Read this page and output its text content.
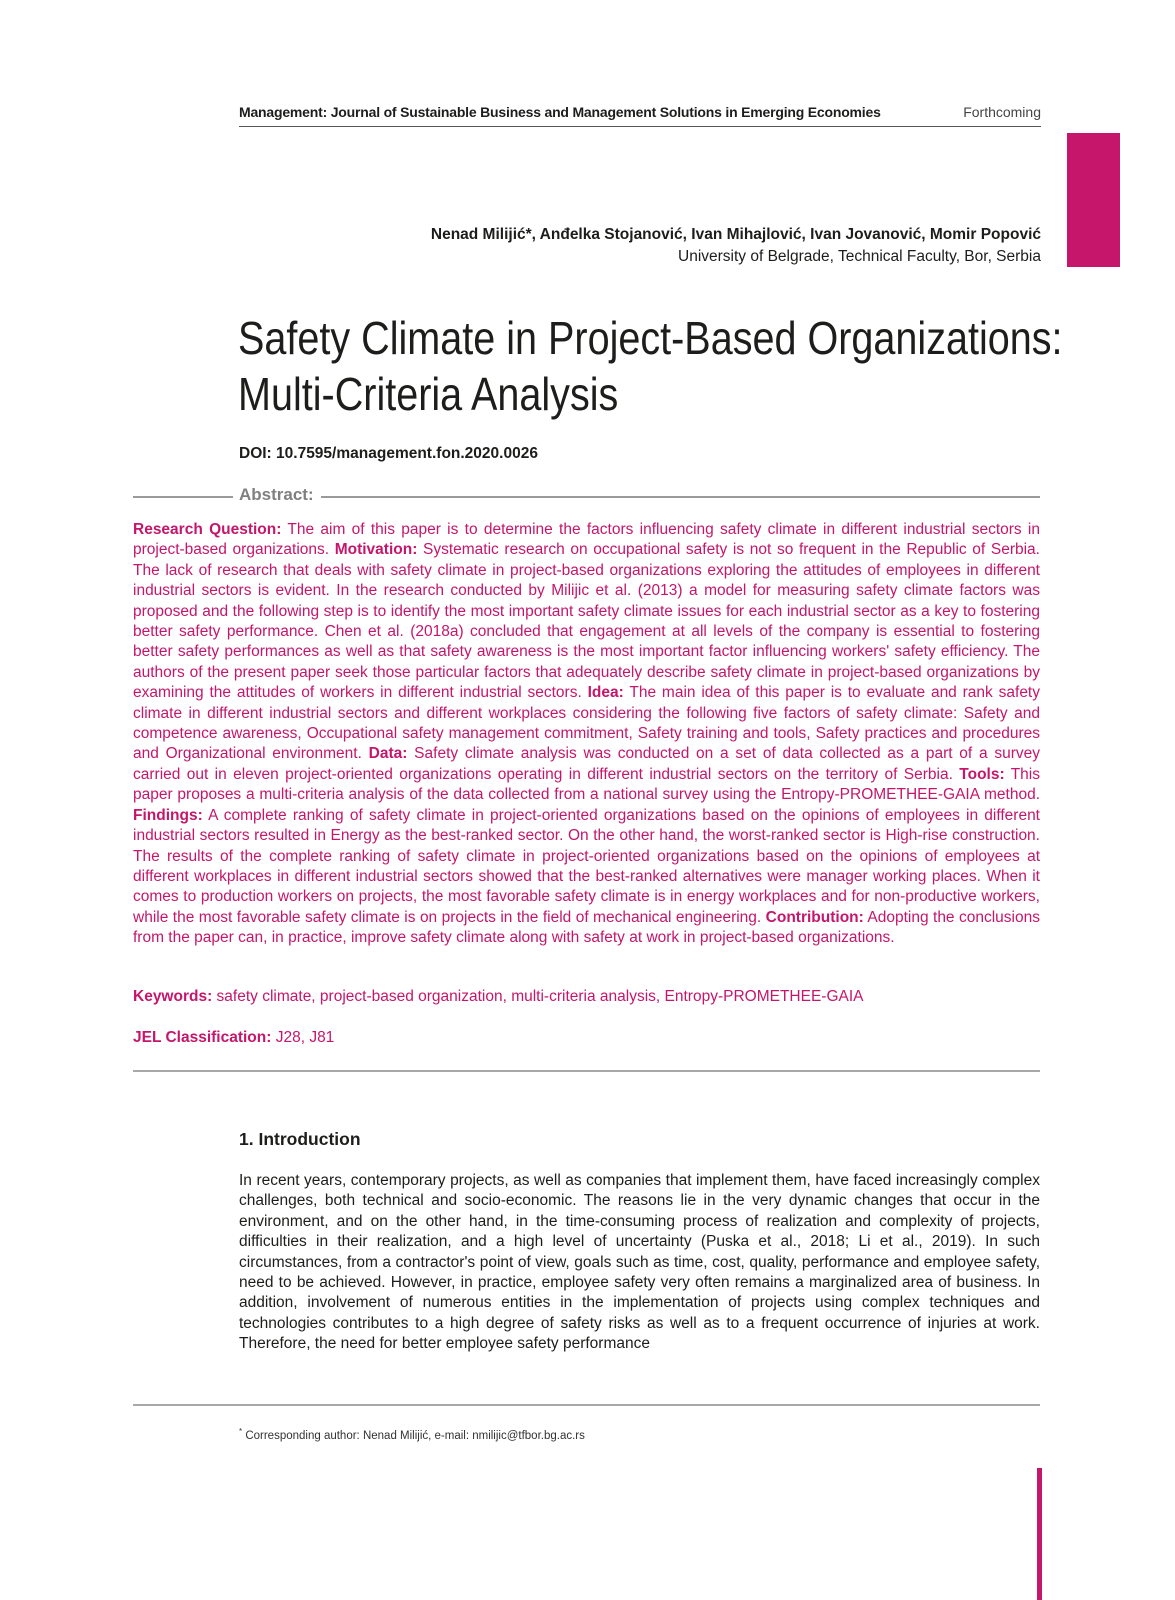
Management: Journal of Sustainable Business and Management Solutions in Emerging Economies	Forthcoming
Nenad Milijić*, Anđelka Stojanović, Ivan Mihajlović, Ivan Jovanović, Momir Popović
University of Belgrade, Technical Faculty, Bor, Serbia
Safety Climate in Project-Based Organizations:
Multi-Criteria Analysis
DOI: 10.7595/management.fon.2020.0026
Abstract:

Research Question: The aim of this paper is to determine the factors influencing safety climate in different industrial sectors in project-based organizations. Motivation: Systematic research on occupational safety is not so frequent in the Republic of Serbia. The lack of research that deals with safety climate in project-based organizations exploring the attitudes of employees in different industrial sectors is evident. In the research conducted by Milijic et al. (2013) a model for measuring safety climate factors was proposed and the following step is to identify the most important safety climate issues for each industrial sector as a key to fostering better safety performance. Chen et al. (2018a) concluded that engagement at all levels of the company is essential to fostering better safety performances as well as that safety awareness is the most important factor influencing workers' safety efficiency. The authors of the present paper seek those particular factors that adequately describe safety climate in project-based organizations by examining the attitudes of workers in different industrial sectors. Idea: The main idea of this paper is to evaluate and rank safety climate in different industrial sectors and different workplaces considering the following five factors of safety climate: Safety and competence awareness, Occupational safety management commitment, Safety training and tools, Safety practices and procedures and Organizational environment. Data: Safety climate analysis was conducted on a set of data collected as a part of a survey carried out in eleven project-oriented organizations operating in different industrial sectors on the territory of Serbia. Tools: This paper proposes a multi-criteria analysis of the data collected from a national survey using the Entropy-PROMETHEE-GAIA method. Findings: A complete ranking of safety climate in project-oriented organizations based on the opinions of employees in different industrial sectors resulted in Energy as the best-ranked sector. On the other hand, the worst-ranked sector is High-rise construction. The results of the complete ranking of safety climate in project-oriented organizations based on the opinions of employees at different workplaces in different industrial sectors showed that the best-ranked alternatives were manager working places. When it comes to production workers on projects, the most favorable safety climate is in energy workplaces and for non-productive workers, while the most favorable safety climate is on projects in the field of mechanical engineering. Contribution: Adopting the conclusions from the paper can, in practice, improve safety climate along with safety at work in project-based organizations.

Keywords: safety climate, project-based organization, multi-criteria analysis, Entropy-PROMETHEE-GAIA
JEL Classification: J28, J81
1. Introduction

In recent years, contemporary projects, as well as companies that implement them, have faced increasingly complex challenges, both technical and socio-economic. The reasons lie in the very dynamic changes that occur in the environment, and on the other hand, in the time-consuming process of realization and complexity of projects, difficulties in their realization, and a high level of uncertainty (Puska et al., 2018; Li et al., 2019). In such circumstances, from a contractor's point of view, goals such as time, cost, quality, performance and employee safety, need to be achieved. However, in practice, employee safety very often remains a marginalized area of business. In addition, involvement of numerous entities in the implementation of projects using complex techniques and technologies contributes to a high degree of safety risks as well as to a frequent occurrence of injuries at work. Therefore, the need for better employee safety performance

* Corresponding author: Nenad Milijić, e-mail: nmilijic@tfbor.bg.ac.rs
